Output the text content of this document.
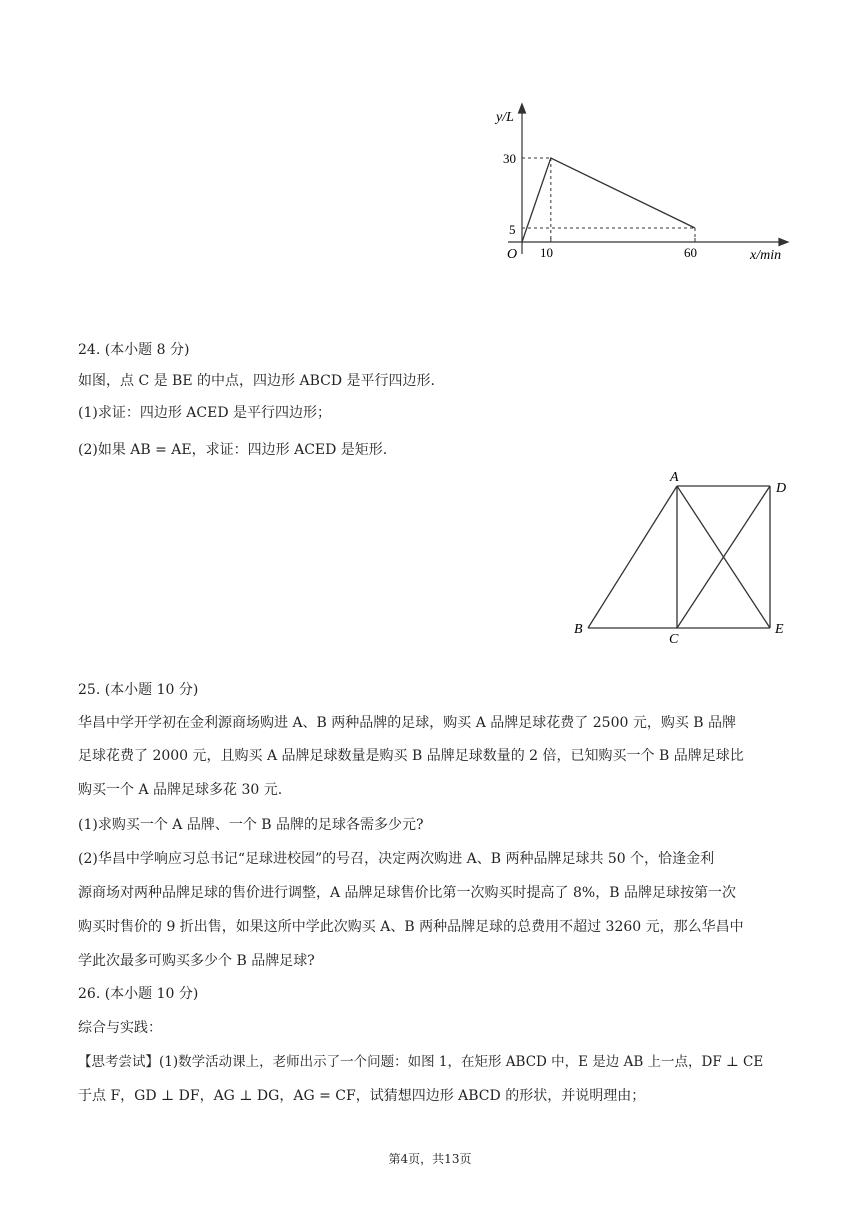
y/L
x/min
O
30
5
10	60
24. (本小题 8 分)
如图，点 C 是 BE 的中点，四边形 ABCD 是平行四边形.
(1)求证：四边形 ACED 是平行四边形；
(2)如果 AB = AE，求证：四边形 ACED 是矩形.
A
D
B
C
E
25. (本小题 10 分)
华昌中学开学初在金利源商场购进 A、B 两种品牌的足球，购买 A 品牌足球花费了 2500 元，购买 B 品牌
足球花费了 2000 元，且购买 A 品牌足球数量是购买 B 品牌足球数量的 2 倍，已知购买一个 B 品牌足球比
购买一个 A 品牌足球多花 30 元.
(1)求购买一个 A 品牌、一个 B 品牌的足球各需多少元?
(2)华昌中学响应习总书记“足球进校园”的号召，决定两次购进 A、B 两种品牌足球共 50 个，恰逢金利
源商场对两种品牌足球的售价进行调整，A 品牌足球售价比第一次购买时提高了 8%，B 品牌足球按第一次
购买时售价的 9 折出售，如果这所中学此次购买 A、B 两种品牌足球的总费用不超过 3260 元，那么华昌中
学此次最多可购买多少个 B 品牌足球?
26. (本小题 10 分)
综合与实践：
【思考尝试】(1)数学活动课上，老师出示了一个问题：如图 1，在矩形 ABCD 中，E 是边 AB 上一点，DF ⊥ CE
于点 F，GD ⊥ DF，AG ⊥ DG，AG = CF，试猜想四边形 ABCD 的形状，并说明理由；
第4页，共13页
